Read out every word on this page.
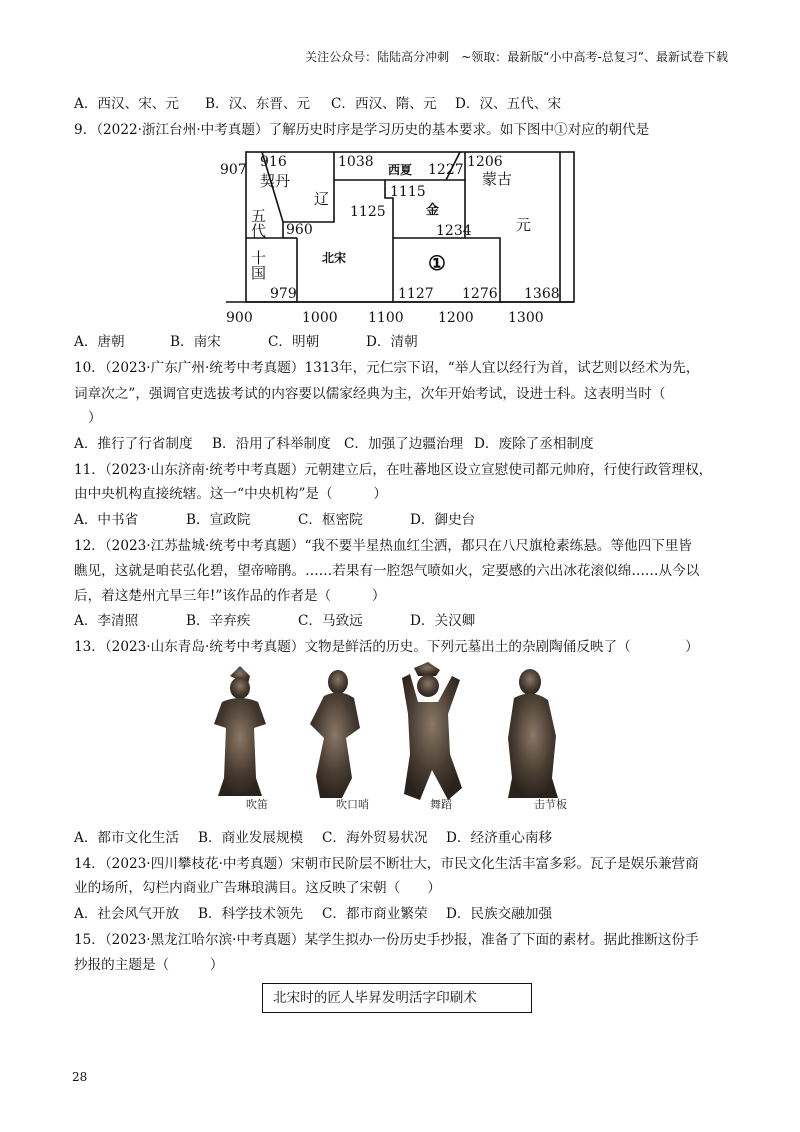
关注公众号：陆陆高分冲刺　~领取：最新版“小中高考-总复习”、最新试卷下载
A．西汉、宋、元 B．汉、东晋、元 C．西汉、隋、元 D．汉、五代、宋
9．（2022·浙江台州·中考真题）了解历史时序是学习历史的基本要求。如下图中①对应的朝代是
907 916	1038	1227 1206
1115
1125
960	1234
979	1127 1276 1368
契丹
辽
西夏	蒙古
金
元
五代
十国	北宋	①
900	1000 1100 1200 1300
A．唐朝	B．南宋	C．明朝	D．清朝
10．（2023·广东广州·统考中考真题）1313年，元仁宗下诏，“举人宜以经行为首，试艺则以经术为先，
词章次之”，强调官吏选拔考试的内容要以儒家经典为主，次年开始考试，设进士科。这表明当时（
）
A．推行了行省制度 B．沿用了科举制度 C．加强了边疆治理 D．废除了丞相制度
11．（2023·山东济南·统考中考真题）元朝建立后，在吐蕃地区设立宣慰使司都元帅府，行使行政管理权，
由中央机构直接统辖。这一“中央机构”是（　　　）
A．中书省	B．宣政院	C．枢密院	D．御史台
12．（2023·江苏盐城·统考中考真题）“我不要半星热血红尘洒，都只在八尺旗枪素练悬。等他四下里皆
瞧见，这就是咱苌弘化碧，望帝啼鹃。……若果有一腔怨气喷如火，定要感的六出冰花滚似绵……从今以
后，着这楚州亢旱三年!”该作品的作者是（　　　）
A．李清照	B．辛弃疾	C．马致远	D．关汉卿
13．（2023·山东青岛·统考中考真题）文物是鲜活的历史。下列元墓出土的杂剧陶俑反映了（　　　　）
吹笛	吹口哨	舞蹈	击节板
A．都市文化生活 B．商业发展规模 C．海外贸易状况 D．经济重心南移
14．（2023·四川攀枝花·中考真题）宋朝市民阶层不断壮大，市民文化生活丰富多彩。瓦子是娱乐兼营商
业的场所，勾栏内商业广告琳琅满目。这反映了宋朝（　　）
A．社会风气开放 B．科学技术领先 C．都市商业繁荣 D．民族交融加强
15．（2023·黑龙江哈尔滨·中考真题）某学生拟办一份历史手抄报，准备了下面的素材。据此推断这份手
抄报的主题是（　　　）
北宋时的匠人毕昇发明活字印刷术
28
